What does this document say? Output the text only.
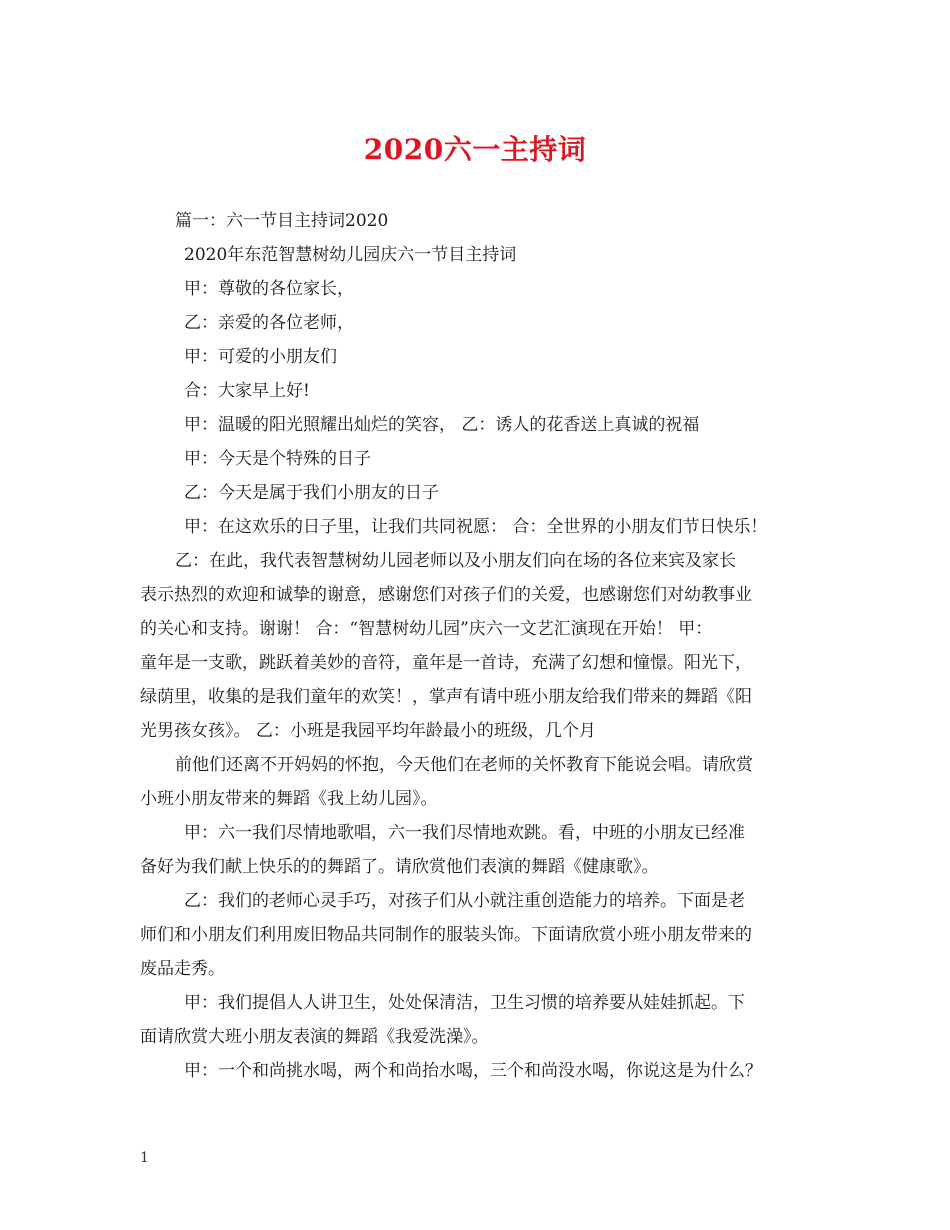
2020六一主持词
篇一：六一节目主持词2020
2020年东范智慧树幼儿园庆六一节目主持词
甲：尊敬的各位家长，
乙：亲爱的各位老师，
甲：可爱的小朋友们
合：大家早上好!
甲：温暖的阳光照耀出灿烂的笑容， 乙：诱人的花香送上真诚的祝福
甲：今天是个特殊的日子
乙：今天是属于我们小朋友的日子
甲：在这欢乐的日子里，让我们共同祝愿： 合：全世界的小朋友们节日快乐！
乙：在此，我代表智慧树幼儿园老师以及小朋友们向在场的各位来宾及家长
表示热烈的欢迎和诚挚的谢意，感谢您们对孩子们的关爱，也感谢您们对幼教事业
的关心和支持。谢谢！ 合：“智慧树幼儿园”庆六一文艺汇演现在开始！ 甲：
童年是一支歌，跳跃着美妙的音符，童年是一首诗，充满了幻想和憧憬。阳光下，
绿荫里，收集的是我们童年的欢笑！，掌声有请中班小朋友给我们带来的舞蹈《阳
光男孩女孩》。 乙：小班是我园平均年龄最小的班级，几个月
前他们还离不开妈妈的怀抱，今天他们在老师的关怀教育下能说会唱。请欣赏
小班小朋友带来的舞蹈《我上幼儿园》。
甲：六一我们尽情地歌唱，六一我们尽情地欢跳。看，中班的小朋友已经准
备好为我们献上快乐的的舞蹈了。请欣赏他们表演的舞蹈《健康歌》。
乙：我们的老师心灵手巧，对孩子们从小就注重创造能力的培养。下面是老
师们和小朋友们利用废旧物品共同制作的服装头饰。下面请欣赏小班小朋友带来的
废品走秀。
甲：我们提倡人人讲卫生，处处保清洁，卫生习惯的培养要从娃娃抓起。下
面请欣赏大班小朋友表演的舞蹈《我爱洗澡》。
甲：一个和尚挑水喝，两个和尚抬水喝，三个和尚没水喝，你说这是为什么？
1
